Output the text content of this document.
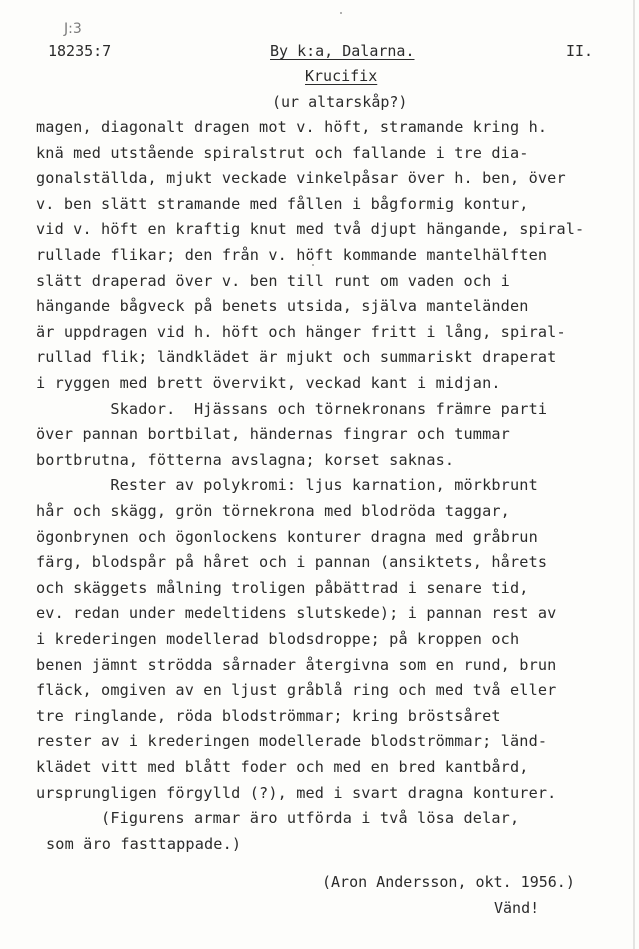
J:3
18235:7	By k:a, Dalarna.	II.
Krucifix
(ur altarskåp?)
magen, diagonalt dragen mot v. höft, stramande kring h.
knä med utstående spiralstrut och fallande i tre dia-
gonalställda, mjukt veckade vinkelpåsar över h. ben, över
v. ben slätt stramande med fållen i bågformig kontur,
vid v. höft en kraftig knut med två djupt hängande, spiral-
rullade flikar; den från v. höft kommande mantelhälften
slätt draperad över v. ben till runt om vaden och i
hängande bågveck på benets utsida, själva manteländen
är uppdragen vid h. höft och hänger fritt i lång, spiral-
rullad flik; ländklädet är mjukt och summariskt draperat
i ryggen med brett övervikt, veckad kant i midjan.
Skador.  Hjässans och törnekronans främre parti
över pannan bortbilat, händernas fingrar och tummar
bortbrutna, fötterna avslagna; korset saknas.
Rester av polykromi: ljus karnation, mörkbrunt
hår och skägg, grön törnekrona med blodröda taggar,
ögonbrynen och ögonlockens konturer dragna med gråbrun
färg, blodspår på håret och i pannan (ansiktets, hårets
och skäggets målning troligen påbättrad i senare tid,
ev. redan under medeltidens slutskede); i pannan rest av
i krederingen modellerad blodsdroppe; på kroppen och
benen jämnt strödda sårnader återgivna som en rund, brun
fläck, omgiven av en ljust gråblå ring och med två eller
tre ringlande, röda blodströmmar; kring bröstsåret
rester av i krederingen modellerade blodströmmar; länd-
klädet vitt med blått foder och med en bred kantbård,
ursprungligen förgylld (?), med i svart dragna konturer.
(Figurens armar äro utförda i två lösa delar,
som äro fasttappade.)
(Aron Andersson, okt. 1956.)
Vänd!
